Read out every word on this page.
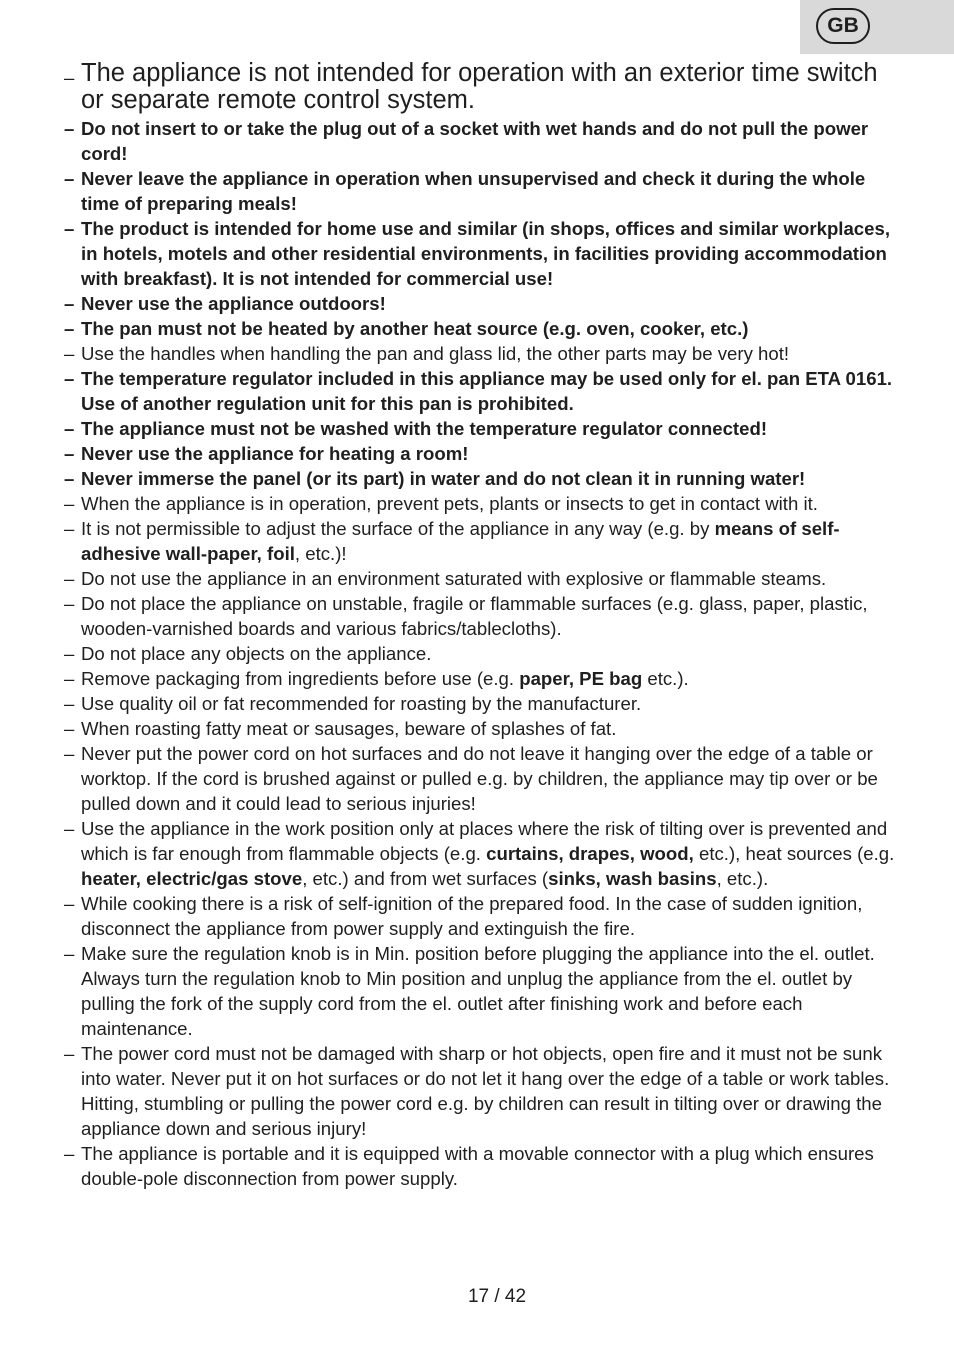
GB
– The appliance is not intended for operation with an exterior time switch or separate remote control system.
– Do not insert to or take the plug out of a socket with wet hands and do not pull the power cord!
– Never leave the appliance in operation when unsupervised and check it during the whole time of preparing meals!
– The product is intended for home use and similar (in shops, offices and similar workplaces, in hotels, motels and other residential environments, in facilities providing accommodation with breakfast). It is not intended for commercial use!
– Never use the appliance outdoors!
– The pan must not be heated by another heat source (e.g. oven, cooker, etc.)
– Use the handles when handling the pan and glass lid, the other parts may be very hot!
– The temperature regulator included in this appliance may be used only for el. pan ETA 0161. Use of another regulation unit for this pan is prohibited.
– The appliance must not be washed with the temperature regulator connected!
– Never use the appliance for heating a room!
– Never immerse the panel (or its part) in water and do not clean it in running water!
– When the appliance is in operation, prevent pets, plants or insects to get in contact with it.
– It is not permissible to adjust the surface of the appliance in any way (e.g. by means of self-adhesive wall-paper, foil, etc.)!
– Do not use the appliance in an environment saturated with explosive or flammable steams.
– Do not place the appliance on unstable, fragile or flammable surfaces (e.g. glass, paper, plastic, wooden-varnished boards and various fabrics/tablecloths).
– Do not place any objects on the appliance.
– Remove packaging from ingredients before use (e.g. paper, PE bag etc.).
– Use quality oil or fat recommended for roasting by the manufacturer.
– When roasting fatty meat or sausages, beware of splashes of fat.
– Never put the power cord on hot surfaces and do not leave it hanging over the edge of a table or worktop. If the cord is brushed against or pulled e.g. by children, the appliance may tip over or be pulled down and it could lead to serious injuries!
– Use the appliance in the work position only at places where the risk of tilting over is prevented and which is far enough from flammable objects (e.g. curtains, drapes, wood, etc.), heat sources (e.g. heater, electric/gas stove, etc.) and from wet surfaces (sinks, wash basins, etc.).
– While cooking there is a risk of self-ignition of the prepared food. In the case of sudden ignition, disconnect the appliance from power supply and extinguish the fire.
– Make sure the regulation knob is in Min. position before plugging the appliance into the el. outlet. Always turn the regulation knob to Min position and unplug the appliance from the el. outlet by pulling the fork of the supply cord from the el. outlet after finishing work and before each maintenance.
– The power cord must not be damaged with sharp or hot objects, open fire and it must not be sunk into water. Never put it on hot surfaces or do not let it hang over the edge of a table or work tables. Hitting, stumbling or pulling the power cord e.g. by children can result in tilting over or drawing the appliance down and serious injury!
– The appliance is portable and it is equipped with a movable connector with a plug which ensures double-pole disconnection from power supply.
17 / 42
